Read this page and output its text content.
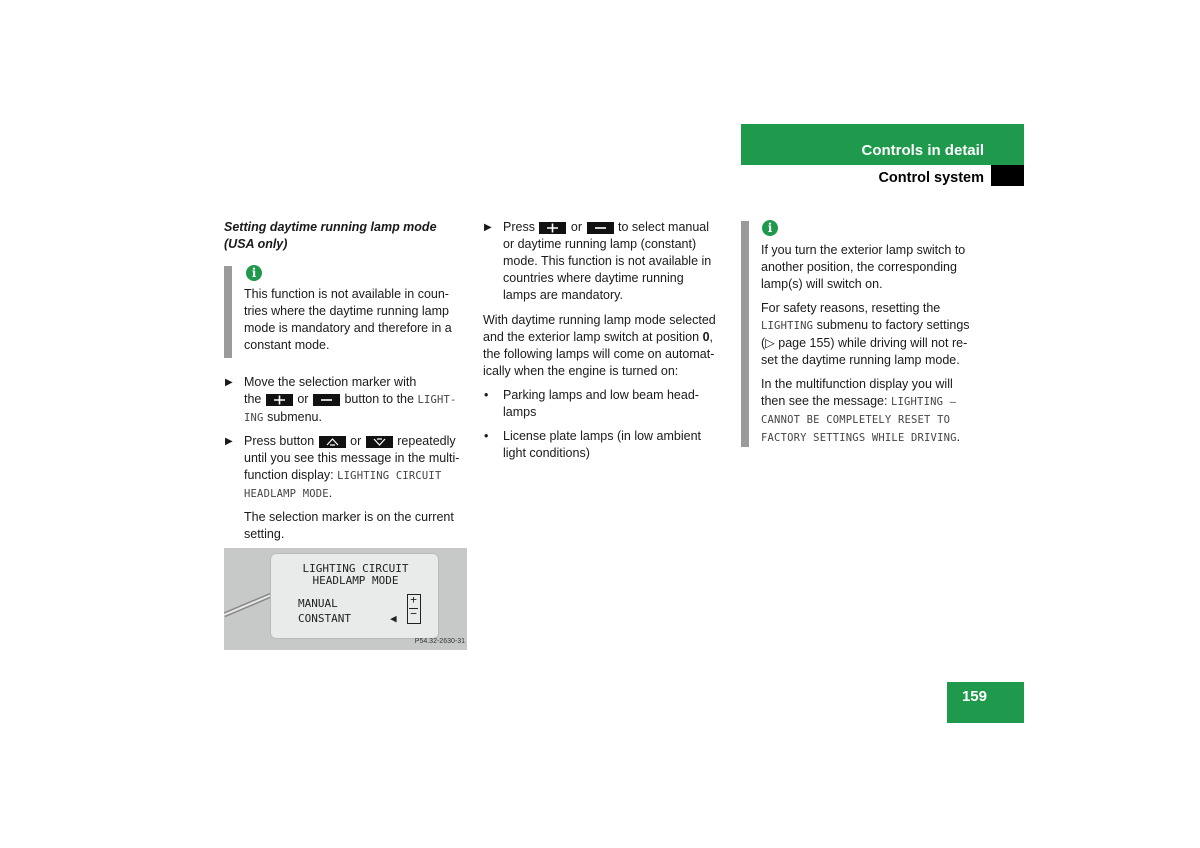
Controls in detail
Control system
Setting daytime running lamp mode (USA only)
i
This function is not available in coun-
tries where the daytime running lamp
mode is mandatory and therefore in a
constant mode.
▶ Move the selection marker with
the	or	button to the LIGHT-
ING submenu.
▶ Press button	or	repeatedly
until you see this message in the multi-
function display: LIGHTING CIRCUIT
HEADLAMP MODE.
The selection marker is on the current
setting.
LIGHTING CIRCUIT
HEADLAMP MODE
MANUAL
CONSTANT	◀
+
−
P54.32-2630-31
▶ Press	or	to select manual
or daytime running lamp (constant)
mode. This function is not available in
countries where daytime running
lamps are mandatory.
With daytime running lamp mode selected
and the exterior lamp switch at position 0,
the following lamps will come on automat-
ically when the engine is turned on:
• Parking lamps and low beam head-
lamps
• License plate lamps (in low ambient
light conditions)
i
If you turn the exterior lamp switch to
another position, the corresponding
lamp(s) will switch on.
For safety reasons, resetting the
LIGHTING submenu to factory settings
(▷ page 155) while driving will not re-
set the daytime running lamp mode.
In the multifunction display you will
then see the message: LIGHTING –
CANNOT BE COMPLETELY RESET TO
FACTORY SETTINGS WHILE DRIVING.
159
